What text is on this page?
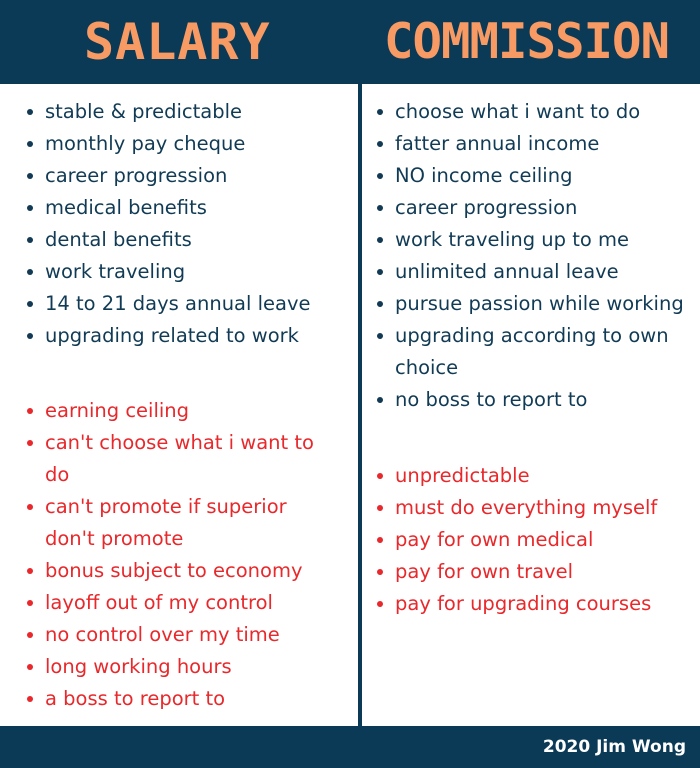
SALARY COMMISSION
stable & predictable
monthly pay cheque
career progression
medical benefits
dental benefits
work traveling
14 to 21 days annual leave
upgrading related to work
earning ceiling
can't choose what i want to do
can't promote if superior don't promote
bonus subject to economy
layoff out of my control
no control over my time
long working hours
a boss to report to
choose what i want to do
fatter annual income
NO income ceiling
career progression
work traveling up to me
unlimited annual leave
pursue passion while working
upgrading according to own choice
no boss to report to
unpredictable
must do everything myself
pay for own medical
pay for own travel
pay for upgrading courses
2020 Jim Wong
